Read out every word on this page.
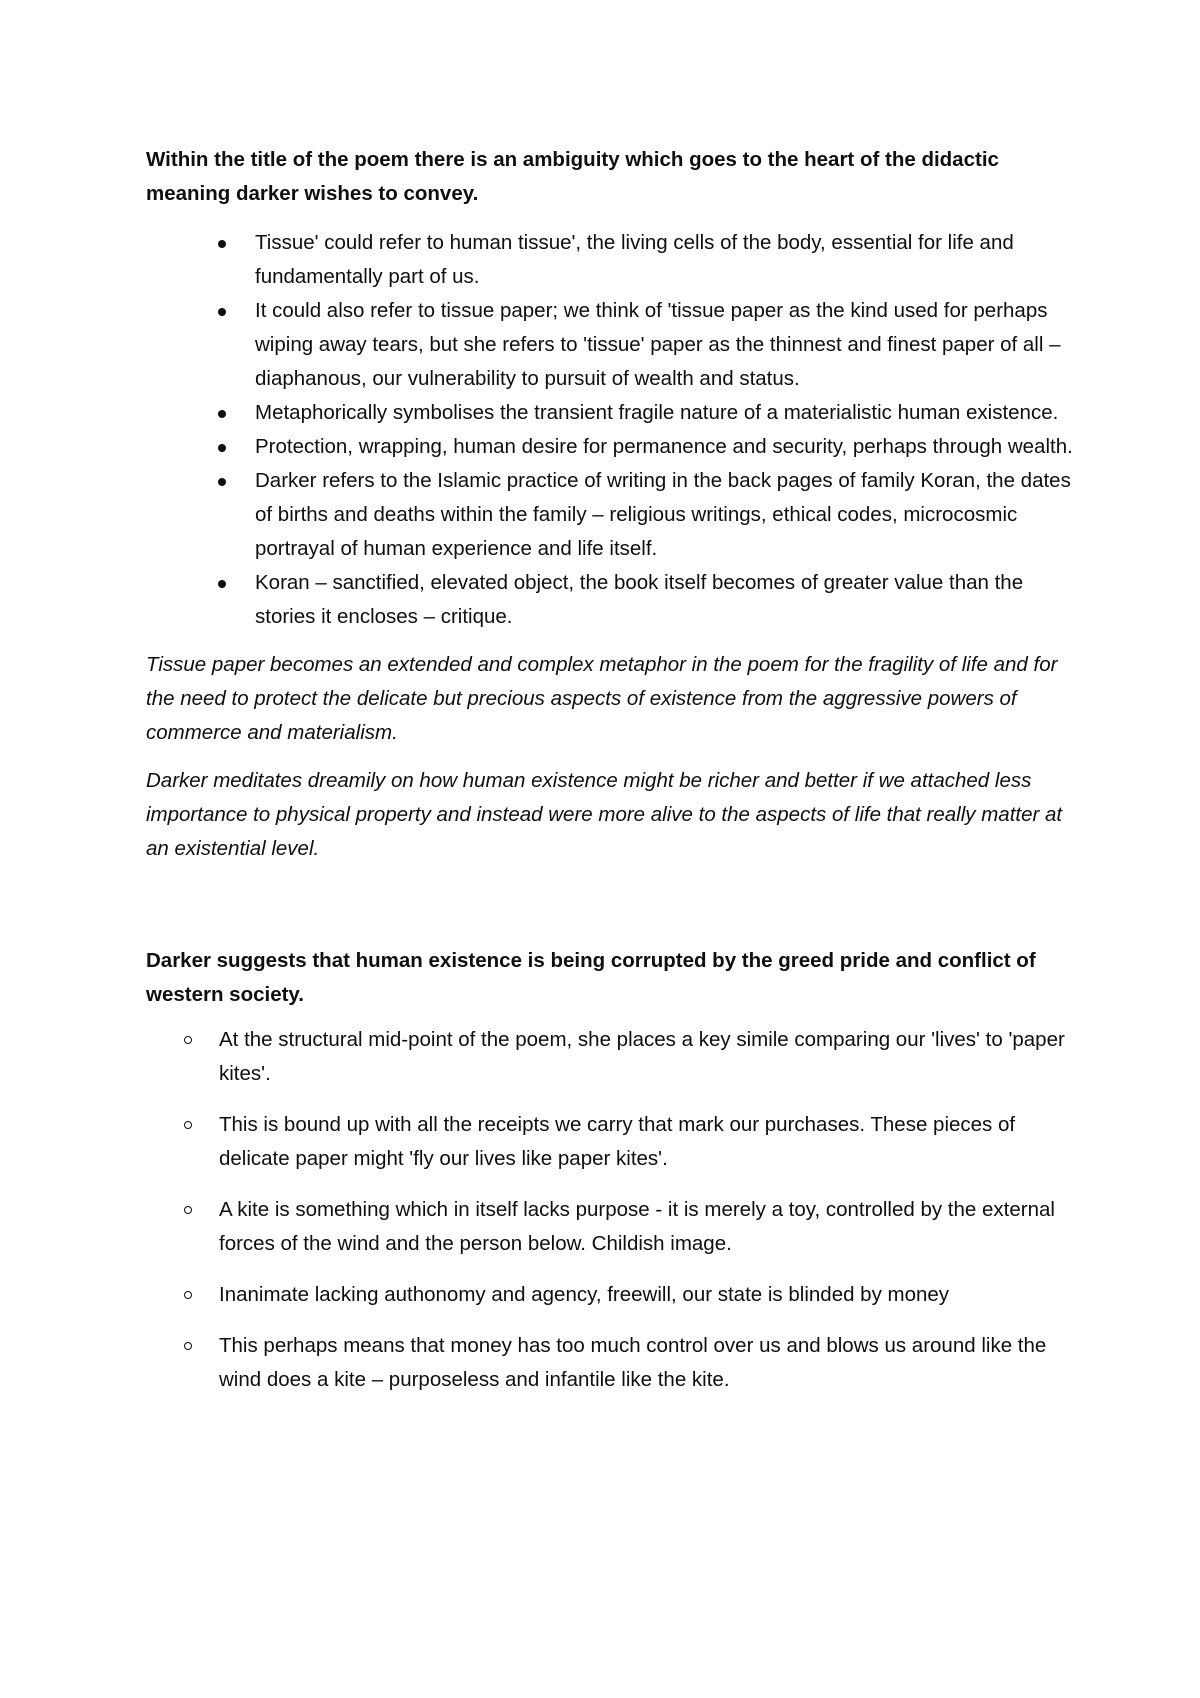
Within the title of the poem there is an ambiguity which goes to the heart of the didactic meaning darker wishes to convey.

Tissue' could refer to human tissue', the living cells of the body, essential for life and fundamentally part of us.
It could also refer to tissue paper; we think of 'tissue paper as the kind used for perhaps wiping away tears, but she refers to 'tissue' paper as the thinnest and finest paper of all – diaphanous, our vulnerability to pursuit of wealth and status.
Metaphorically symbolises the transient fragile nature of a materialistic human existence.
Protection, wrapping, human desire for permanence and security, perhaps through wealth.
Darker refers to the Islamic practice of writing in the back pages of family Koran, the dates of births and deaths within the family – religious writings, ethical codes, microcosmic portrayal of human experience and life itself.
Koran – sanctified, elevated object, the book itself becomes of greater value than the stories it encloses – critique.

Tissue paper becomes an extended and complex metaphor in the poem for the fragility of life and for the need to protect the delicate but precious aspects of existence from the aggressive powers of commerce and materialism.

Darker meditates dreamily on how human existence might be richer and better if we attached less importance to physical property and instead were more alive to the aspects of life that really matter at an existential level.

Darker suggests that human existence is being corrupted by the greed pride and conflict of western society.

At the structural mid-point of the poem, she places a key simile comparing our 'lives' to 'paper kites'.
This is bound up with all the receipts we carry that mark our purchases. These pieces of delicate paper might 'fly our lives like paper kites'.
A kite is something which in itself lacks purpose - it is merely a toy, controlled by the external forces of the wind and the person below. Childish image.
Inanimate lacking authonomy and agency, freewill, our state is blinded by money
This perhaps means that money has too much control over us and blows us around like the wind does a kite – purposeless and infantile like the kite.
